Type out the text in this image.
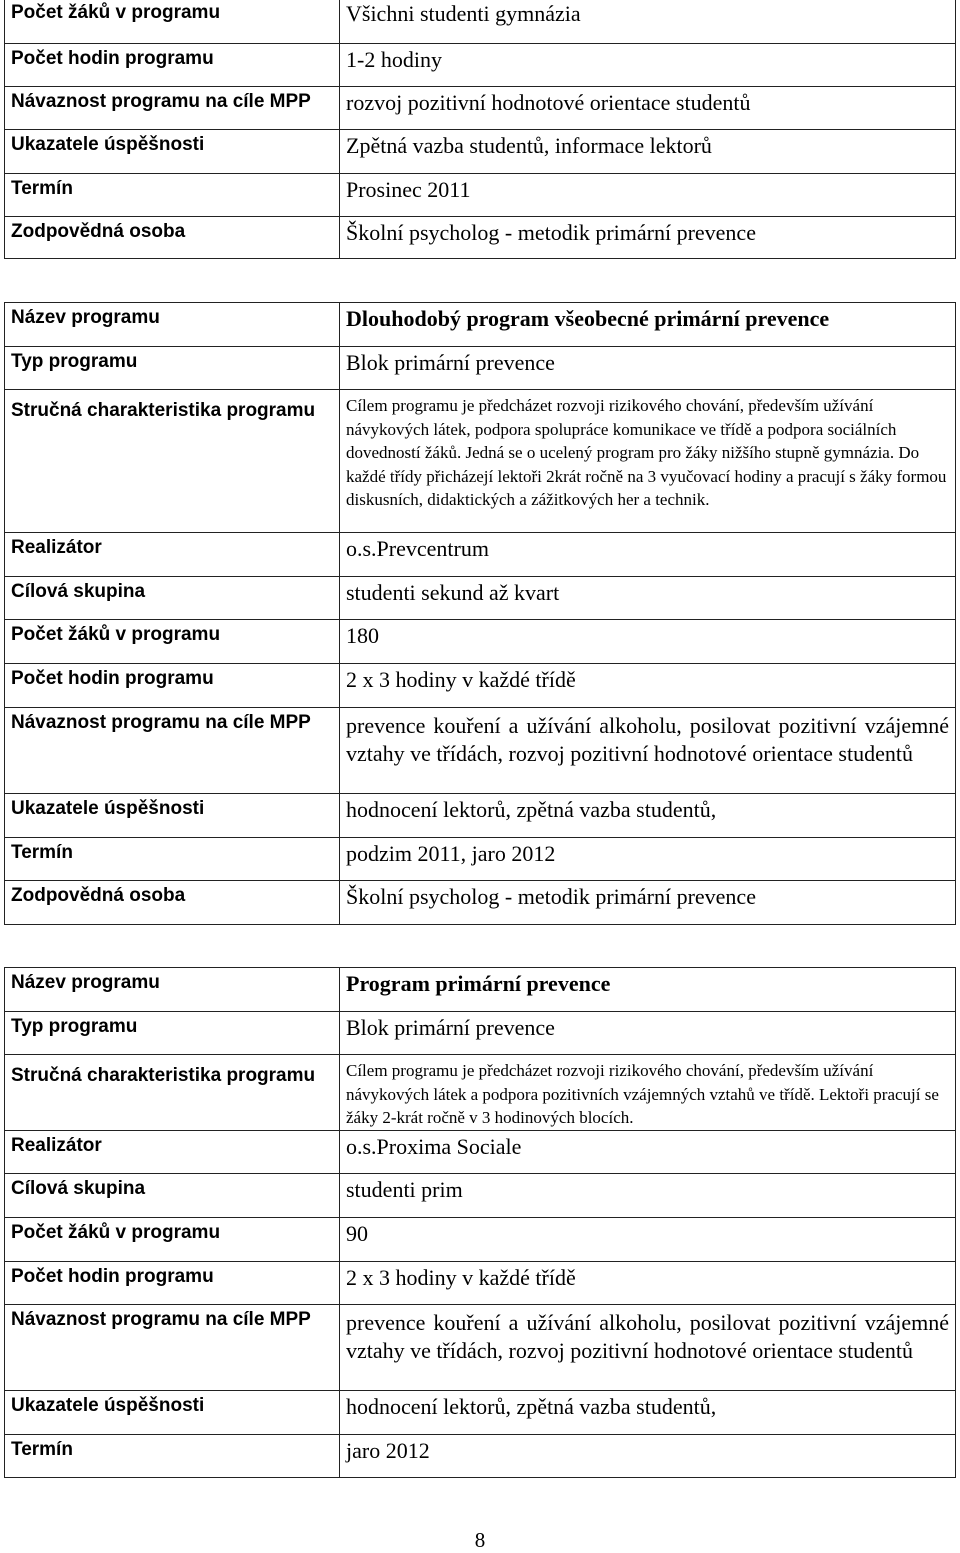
Počet žáků v programu	Všichni studenti gymnázia
Počet hodin programu	1-2 hodiny
Návaznost programu na cíle MPP	rozvoj pozitivní hodnotové orientace studentů
Ukazatele úspěšnosti	Zpětná vazba studentů, informace lektorů
Termín	Prosinec 2011
Zodpovědná osoba	Školní psycholog - metodik primární prevence
Název programu	Dlouhodobý program všeobecné primární prevence
Typ programu	Blok primární prevence
Stručná charakteristika programu	Cílem programu je předcházet rozvoji rizikového chování, především užívání návykových látek, podpora spolupráce komunikace ve třídě a podpora sociálních dovedností žáků. Jedná se o ucelený program pro žáky nižšího stupně gymnázia. Do každé třídy přicházejí lektoři 2krát ročně na 3 vyučovací hodiny a pracují s žáky formou diskusních, didaktických a zážitkových her a technik.
Realizátor	o.s.Prevcentrum
Cílová skupina	studenti sekund až kvart
Počet žáků v programu	180
Počet hodin programu	2 x 3 hodiny v každé třídě
Návaznost programu na cíle MPP	prevence kouření a užívání alkoholu, posilovat pozitivní vzájemné vztahy ve třídách, rozvoj pozitivní hodnotové orientace studentů

Ukazatele úspěšnosti	hodnocení lektorů, zpětná vazba studentů,
Termín	podzim 2011, jaro 2012
Zodpovědná osoba	Školní psycholog - metodik primární prevence
Název programu	Program primární prevence
Typ programu	Blok primární prevence
Stručná charakteristika programu	Cílem programu je předcházet rozvoji rizikového chování, především užívání návykových látek a podpora pozitivních vzájemných vztahů ve třídě. Lektoři pracují se žáky 2-krát ročně v 3 hodinových blocích.
Realizátor	o.s.Proxima Sociale
Cílová skupina	studenti prim
Počet žáků v programu	90
Počet hodin programu	2 x 3 hodiny v každé třídě
Návaznost programu na cíle MPP	prevence kouření a užívání alkoholu, posilovat pozitivní vzájemné vztahy ve třídách, rozvoj pozitivní hodnotové orientace studentů

Ukazatele úspěšnosti	hodnocení lektorů, zpětná vazba studentů,
Termín	jaro 2012
8
